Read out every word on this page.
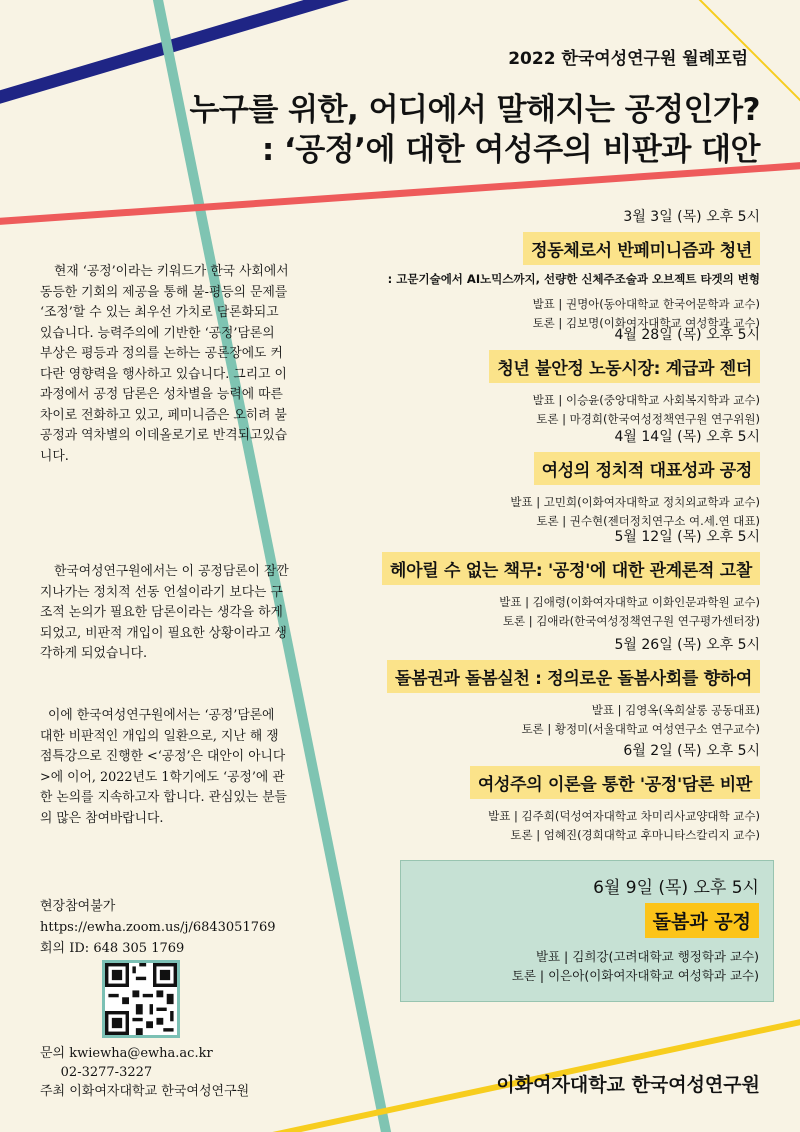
2022 한국여성연구원 월례포럼
누구를 위한, 어디에서 말해지는 공정인가?
: ‘공정’에 대한 여성주의 비판과 대안
현재 ‘공정’이라는 키워드가 한국 사회에서 동등한 기회의 제공을 통해 불-평등의 문제를 ‘조정’할 수 있는 최우선 가치로 담론화되고 있습니다. 능력주의에 기반한 ‘공정’담론의 부상은 평등과 정의를 논하는 공론장에도 커다란 영향력을 행사하고 있습니다. 그리고 이 과정에서 공정 담론은 성차별을 능력에 따른 차이로 전화하고 있고, 페미니즘은 오히려 불공정과 역차별의 이데올로기로 반격되고있습니다.
한국여성연구원에서는 이 공정담론이 잠깐 지나가는 정치적 선동 언설이라기 보다는 구조적 논의가 필요한 담론이라는 생각을 하게 되었고, 비판적 개입이 필요한 상황이라고 생각하게 되었습니다.
이에 한국여성연구원에서는 ‘공정’담론에 대한 비판적인 개입의 일환으로, 지난 해 쟁점특강으로 진행한 <‘공정’은 대안이 아니다>에 이어, 2022년도 1학기에도 ‘공정’에 관한 논의를 지속하고자 합니다. 관심있는 분들의 많은 참여바랍니다.
3월 3일 (목) 오후 5시
정동체로서 반페미니즘과 청년
: 고문기술에서 AI노믹스까지, 선량한 신체주조술과 오브젝트 타겟의 변형
발표 | 권명아(동아대학교 한국어문학과 교수)
토론 | 김보명(이화여자대학교 여성학과 교수)
4월 28일 (목) 오후 5시
청년 불안정 노동시장: 계급과 젠더
발표 | 이승윤(중앙대학교 사회복지학과 교수)
토론 | 마경희(한국여성정책연구원 연구위원)
4월 14일 (목) 오후 5시
여성의 정치적 대표성과 공정
발표 | 고민희(이화여자대학교 정치외교학과 교수)
토론 | 권수현(젠더정치연구소 여.세.연 대표)
5월 12일 (목) 오후 5시
헤아릴 수 없는 책무: '공정'에 대한 관계론적 고찰
발표 | 김애령(이화여자대학교 이화인문과학원 교수)
토론 | 김애라(한국여성정책연구원 연구평가센터장)
5월 26일 (목) 오후 5시
돌봄권과 돌봄실천 : 정의로운 돌봄사회를 향하여
발표 | 김영옥(옥희살롱 공동대표)
토론 | 황정미(서울대학교 여성연구소 연구교수)
6월 2일 (목) 오후 5시
여성주의 이론을 통한 '공정'담론 비판
발표 | 김주희(덕성여자대학교 차미리사교양대학 교수)
토론 | 엄혜진(경희대학교 후마니타스칼리지 교수)
6월 9일 (목) 오후 5시
돌봄과 공정
발표 | 김희강(고려대학교 행정학과 교수)
토론 | 이은아(이화여자대학교 여성학과 교수)
현장참여불가
https://ewha.zoom.us/j/6843051769
회의 ID: 648 305 1769
문의 kwiewha@ewha.ac.kr
02-3277-3227
주최 이화여자대학교 한국여성연구원	이화여자대학교 한국여성연구원
